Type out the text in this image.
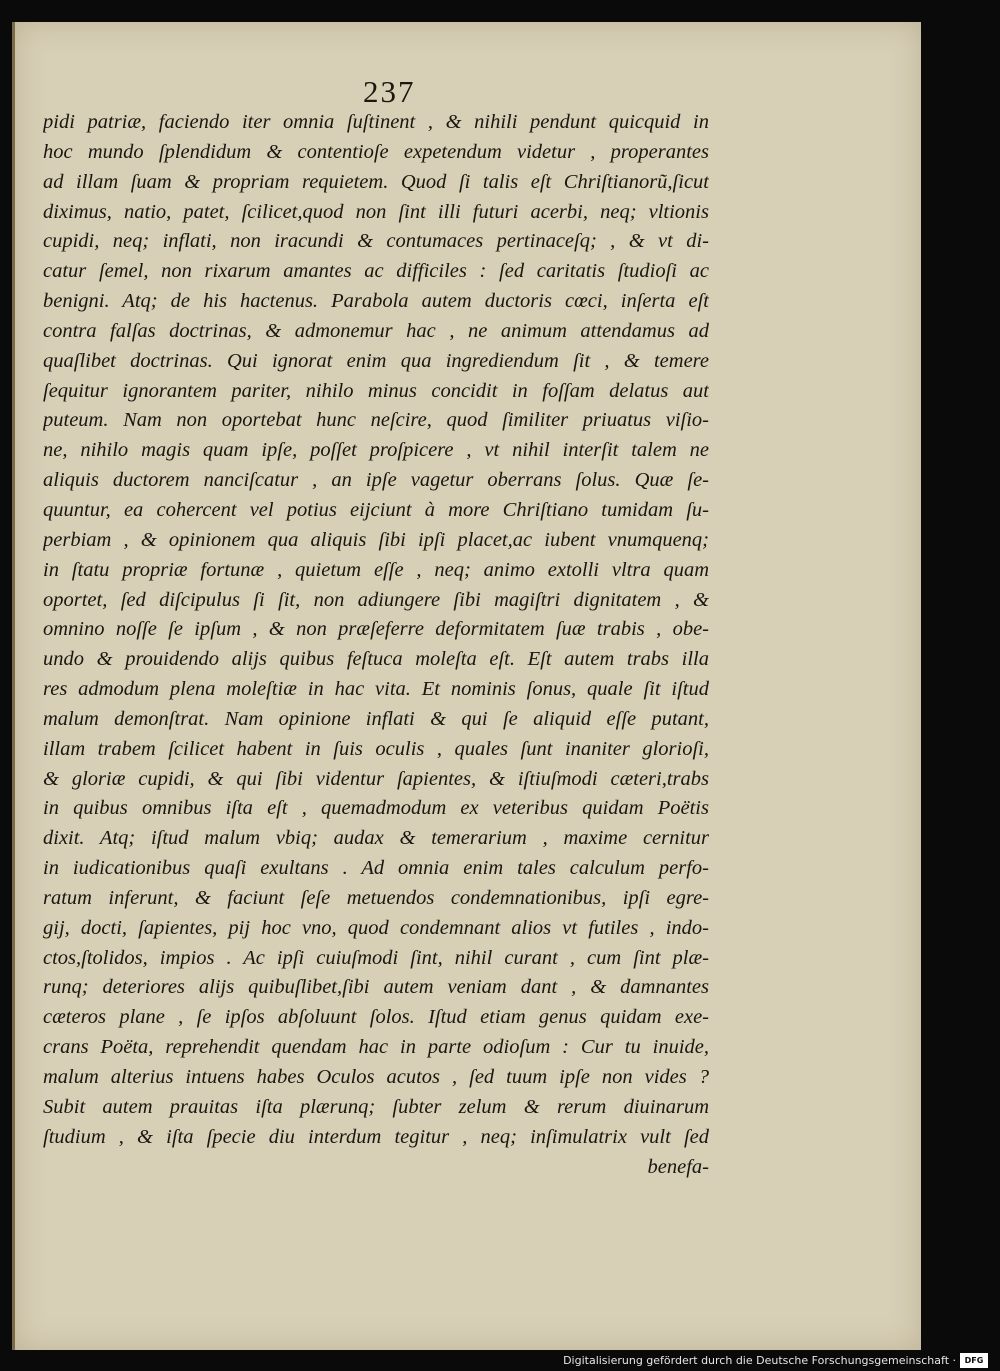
237
pidi patriæ, faciendo iter omnia ſuſtinent , & nihili pendunt quicquid in
hoc mundo ſplendidum & contentioſe expetendum videtur , properantes
ad illam ſuam & propriam requietem. Quod ſi talis eſt Chriſtianorũ,ſicut
diximus, natio, patet, ſcilicet,quod non ſint illi futuri acerbi, neq; vltionis
cupidi, neq; inflati, non iracundi & contumaces pertinaceſq; , & vt di-
catur ſemel, non rixarum amantes ac difficiles : ſed caritatis ſtudioſi ac
benigni. Atq; de his hactenus. Parabola autem ductoris cœci, inſerta eſt
contra falſas doctrinas, & admonemur hac , ne animum attendamus ad
quaſlibet doctrinas. Qui ignorat enim qua ingrediendum ſit , & temere
ſequitur ignorantem pariter, nihilo minus concidit in foſſam delatus aut
puteum. Nam non oportebat hunc neſcire, quod ſimiliter priuatus viſio-
ne, nihilo magis quam ipſe, poſſet proſpicere , vt nihil interſit talem ne
aliquis ductorem nanciſcatur , an ipſe vagetur oberrans ſolus. Quæ ſe-
quuntur, ea cohercent vel potius eijciunt à more Chriſtiano tumidam ſu-
perbiam , & opinionem qua aliquis ſibi ipſi placet,ac iubent vnumquenq;
in ſtatu propriæ fortunæ , quietum eſſe , neq; animo extolli vltra quam
oportet, ſed diſcipulus ſi ſit, non adiungere ſibi magiſtri dignitatem , &
omnino noſſe ſe ipſum , & non præſeferre deformitatem ſuæ trabis , obe-
undo & prouidendo alijs quibus feſtuca moleſta eſt. Eſt autem trabs illa
res admodum plena moleſtiæ in hac vita. Et nominis ſonus, quale ſit iſtud
malum demonſtrat. Nam opinione inflati & qui ſe aliquid eſſe putant,
illam trabem ſcilicet habent in ſuis oculis , quales ſunt inaniter glorioſi,
& gloriæ cupidi, & qui ſibi videntur ſapientes, & iſtiuſmodi cæteri,trabs
in quibus omnibus iſta eſt , quemadmodum ex veteribus quidam Poëtis
dixit. Atq; iſtud malum vbiq; audax & temerarium , maxime cernitur
in iudicationibus quaſi exultans . Ad omnia enim tales calculum perfo-
ratum inferunt, & faciunt ſeſe metuendos condemnationibus, ipſi egre-
gij, docti, ſapientes, pij hoc vno, quod condemnant alios vt futiles , indo-
ctos,ſtolidos, impios . Ac ipſi cuiuſmodi ſint, nihil curant , cum ſint plæ-
runq; deteriores alijs quibuſlibet,ſibi autem veniam dant , & damnantes
cæteros plane , ſe ipſos abſoluunt ſolos. Iſtud etiam genus quidam exe-
crans Poëta, reprehendit quendam hac in parte odioſum : Cur tu inuide,
malum alterius intuens habes Oculos acutos , ſed tuum ipſe non vides ?
Subit autem prauitas iſta plærunq; ſubter zelum & rerum diuinarum
ſtudium , & iſta ſpecie diu interdum tegitur , neq; inſimulatrix vult ſed
benefa-
Digitalisierung gefördert durch die Deutsche Forschungsgemeinschaft ·	DFG
